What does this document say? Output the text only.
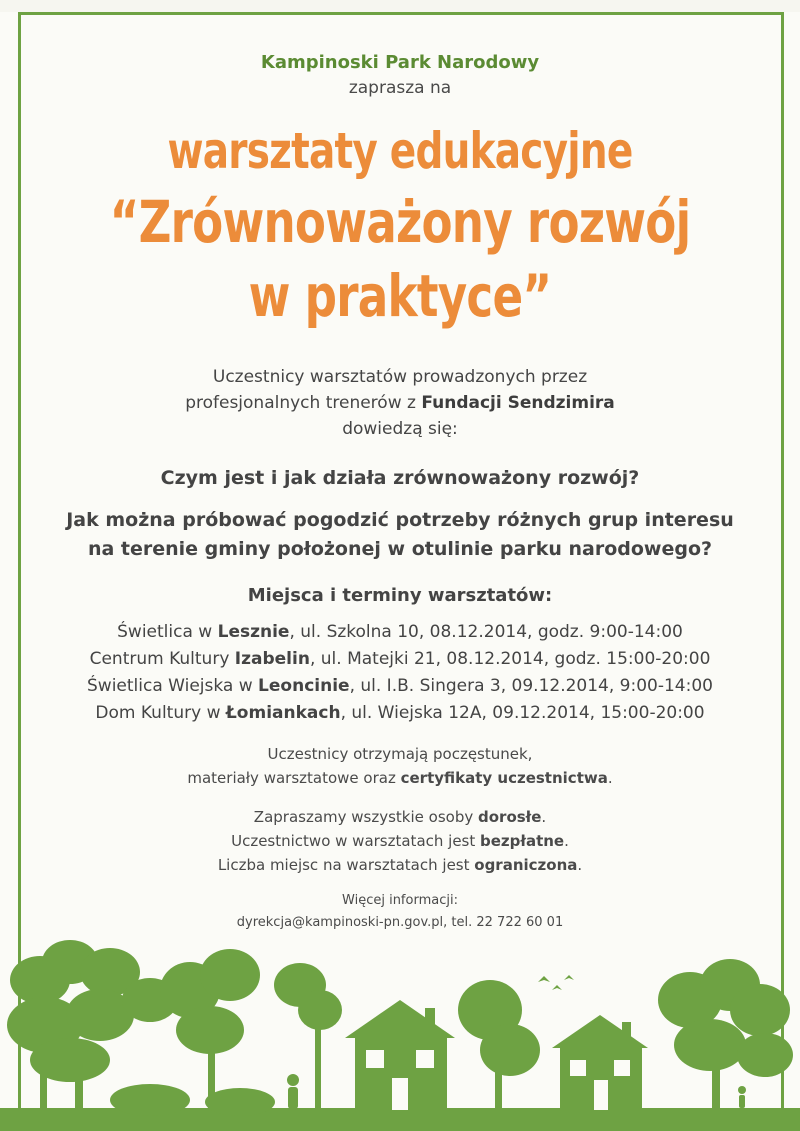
Kampinoski Park Narodowy
zaprasza na
warsztaty edukacyjne
“Zrównoważony rozwój
w praktyce”
Uczestnicy warsztatów prowadzonych przez
profesjonalnych trenerów z Fundacji Sendzimira
dowiedzą się:
Czym jest i jak działa zrównoważony rozwój?
Jak można próbować pogodzić potrzeby różnych grup interesu
na terenie gminy położonej w otulinie parku narodowego?
Miejsca i terminy warsztatów:
Świetlica w Lesznie, ul. Szkolna 10, 08.12.2014, godz. 9:00-14:00
Centrum Kultury Izabelin, ul. Matejki 21, 08.12.2014, godz. 15:00-20:00
Świetlica Wiejska w Leoncinie, ul. I.B. Singera 3, 09.12.2014, 9:00-14:00
Dom Kultury w Łomiankach, ul. Wiejska 12A, 09.12.2014, 15:00-20:00
Uczestnicy otrzymają poczęstunek,
materiały warsztatowe oraz certyfikaty uczestnictwa.
Zapraszamy wszystkie osoby dorosłe.
Uczestnictwo w warsztatach jest bezpłatne.
Liczba miejsc na warsztatach jest ograniczona.
Więcej informacji:
dyrekcja@kampinoski-pn.gov.pl, tel. 22 722 60 01
